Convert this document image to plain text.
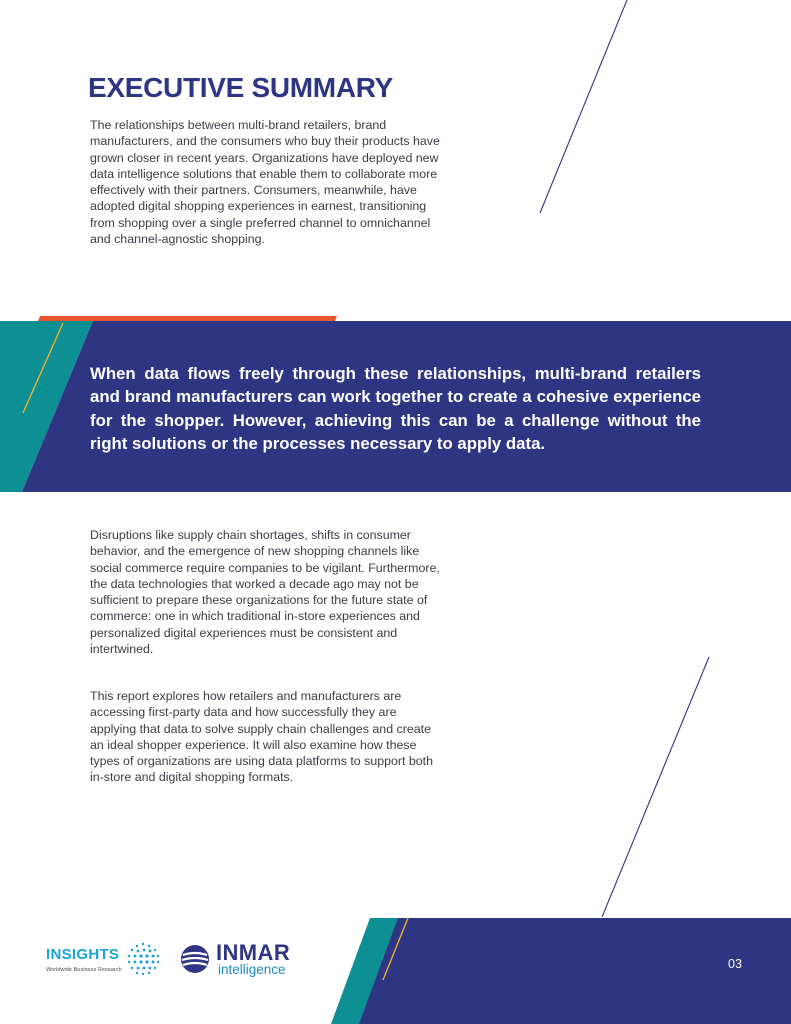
EXECUTIVE SUMMARY

The relationships between multi-brand retailers, brand manufacturers, and the consumers who buy their products have grown closer in recent years. Organizations have deployed new data intelligence solutions that enable them to collaborate more effectively with their partners. Consumers, meanwhile, have adopted digital shopping experiences in earnest, transitioning from shopping over a single preferred channel to omnichannel and channel-agnostic shopping.

When data flows freely through these relationships, multi-brand retailers and brand manufacturers can work together to create a cohesive experience for the shopper. However, achieving this can be a challenge without the right solutions or the processes necessary to apply data.

Disruptions like supply chain shortages, shifts in consumer behavior, and the emergence of new shopping channels like social commerce require companies to be vigilant. Furthermore, the data technologies that worked a decade ago may not be sufficient to prepare these organizations for the future state of commerce: one in which traditional in-store experiences and personalized digital experiences must be consistent and intertwined.

This report explores how retailers and manufacturers are accessing first-party data and how successfully they are applying that data to solve supply chain challenges and create an ideal shopper experience. It will also examine how these types of organizations are using data platforms to support both in-store and digital shopping formats.

INSIGHTS
Worldwide Business Research
INMAR
intelligence	03
